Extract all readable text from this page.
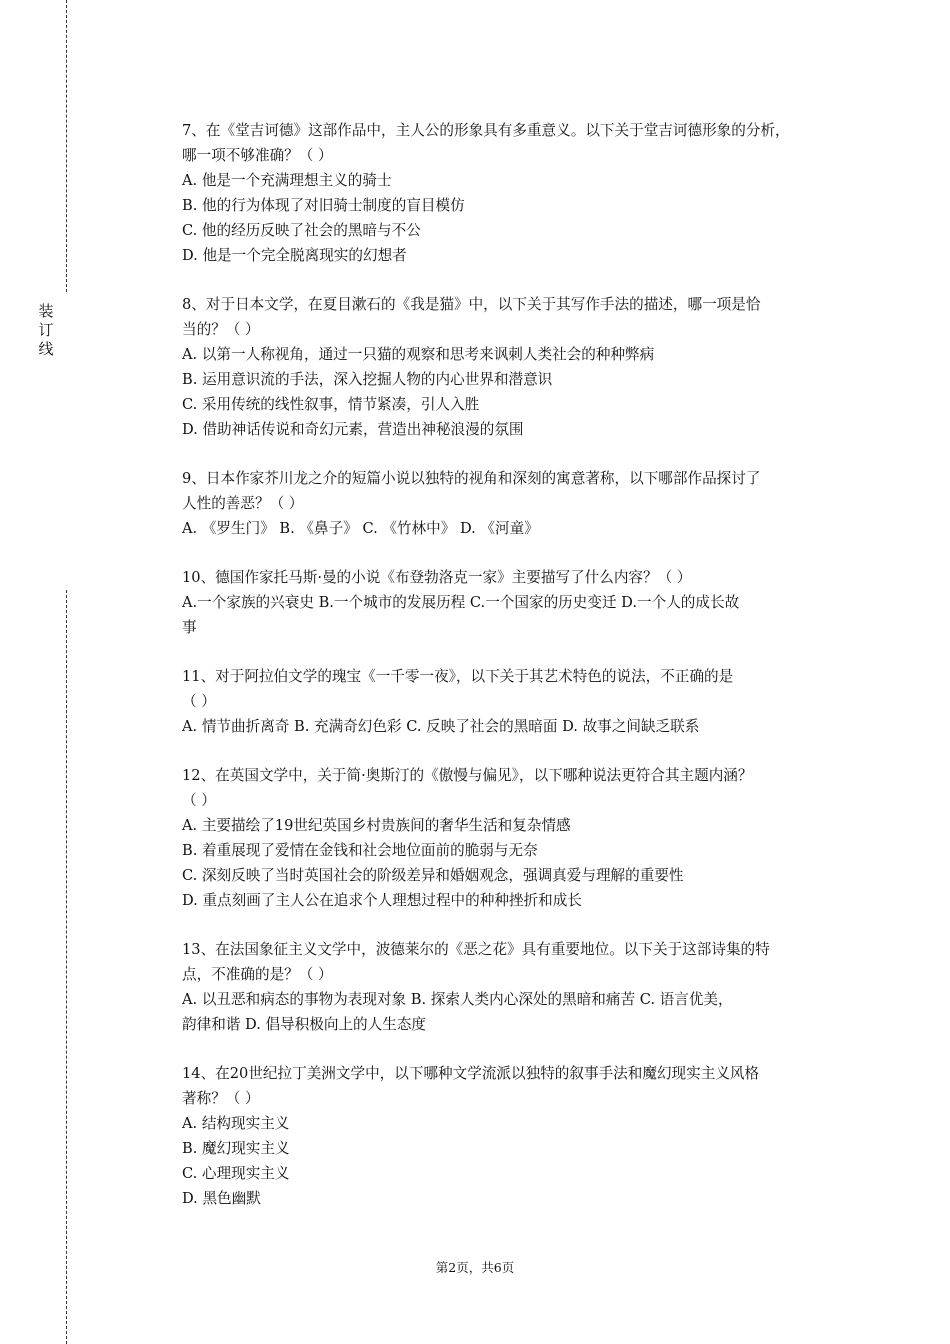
装
订
线
7、在《堂吉诃德》这部作品中，主人公的形象具有多重意义。以下关于堂吉诃德形象的分析，
哪一项不够准确？（ ）
A. 他是一个充满理想主义的骑士
B. 他的行为体现了对旧骑士制度的盲目模仿
C. 他的经历反映了社会的黑暗与不公
D. 他是一个完全脱离现实的幻想者
8、对于日本文学，在夏目漱石的《我是猫》中，以下关于其写作手法的描述，哪一项是恰
当的？（ ）
A. 以第一人称视角，通过一只猫的观察和思考来讽刺人类社会的种种弊病
B. 运用意识流的手法，深入挖掘人物的内心世界和潜意识
C. 采用传统的线性叙事，情节紧凑，引人入胜
D. 借助神话传说和奇幻元素，营造出神秘浪漫的氛围
9、日本作家芥川龙之介的短篇小说以独特的视角和深刻的寓意著称，以下哪部作品探讨了
人性的善恶？（ ）
A. 《罗生门》 B. 《鼻子》 C. 《竹林中》 D. 《河童》
10、德国作家托马斯·曼的小说《布登勃洛克一家》主要描写了什么内容？（ ）
A.一个家族的兴衰史 B.一个城市的发展历程 C.一个国家的历史变迁 D.一个人的成长故
事
11、对于阿拉伯文学的瑰宝《一千零一夜》，以下关于其艺术特色的说法，不正确的是
（ ）
A. 情节曲折离奇 B. 充满奇幻色彩 C. 反映了社会的黑暗面 D. 故事之间缺乏联系
12、在英国文学中，关于简·奥斯汀的《傲慢与偏见》，以下哪种说法更符合其主题内涵？
（ ）
A. 主要描绘了19世纪英国乡村贵族间的奢华生活和复杂情感
B. 着重展现了爱情在金钱和社会地位面前的脆弱与无奈
C. 深刻反映了当时英国社会的阶级差异和婚姻观念，强调真爱与理解的重要性
D. 重点刻画了主人公在追求个人理想过程中的种种挫折和成长
13、在法国象征主义文学中，波德莱尔的《恶之花》具有重要地位。以下关于这部诗集的特
点，不准确的是？（ ）
A. 以丑恶和病态的事物为表现对象 B. 探索人类内心深处的黑暗和痛苦 C. 语言优美，
韵律和谐 D. 倡导积极向上的人生态度
14、在20世纪拉丁美洲文学中，以下哪种文学流派以独特的叙事手法和魔幻现实主义风格
著称？（ ）
A. 结构现实主义
B. 魔幻现实主义
C. 心理现实主义
D. 黑色幽默
第2页，共6页
